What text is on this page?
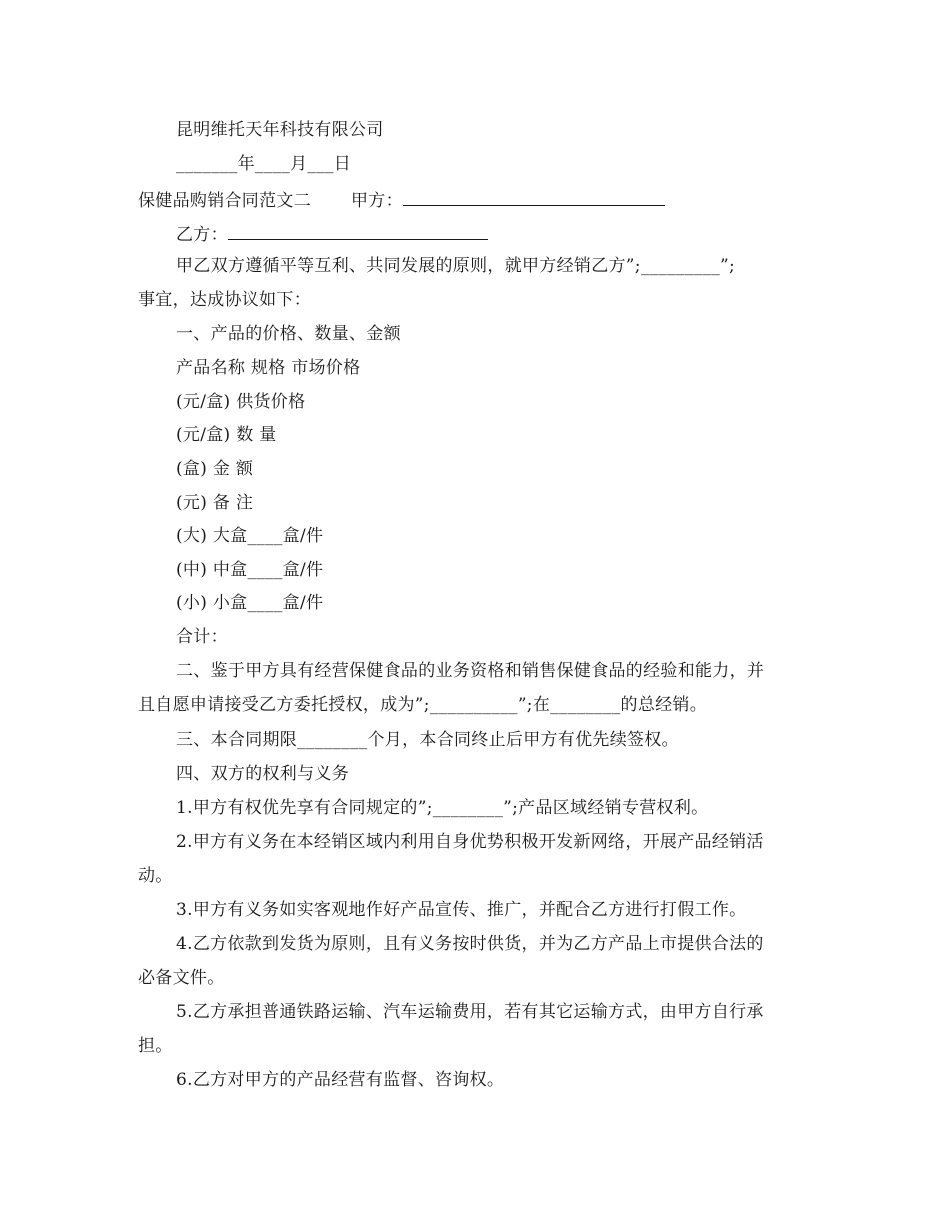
昆明维托天年科技有限公司
_______年____月___日
保健品购销合同范文二 甲方：
乙方：
甲乙双方遵循平等互利、共同发展的原则，就甲方经销乙方”;_________”;
事宜，达成协议如下：
一、产品的价格、数量、金额
产品名称 规格 市场价格
(元/盒) 供货价格
(元/盒) 数 量
(盒) 金 额
(元) 备 注
(大) 大盒____盒/件
(中) 中盒____盒/件
(小) 小盒____盒/件
合计：
二、鉴于甲方具有经营保健食品的业务资格和销售保健食品的经验和能力，并
且自愿申请接受乙方委托授权，成为”;__________”;在________的总经销。
三、本合同期限________个月，本合同终止后甲方有优先续签权。
四、双方的权利与义务
1.甲方有权优先享有合同规定的”;________”;产品区域经销专营权利。
2.甲方有义务在本经销区域内利用自身优势积极开发新网络，开展产品经销活
动。
3.甲方有义务如实客观地作好产品宣传、推广，并配合乙方进行打假工作。
4.乙方依款到发货为原则，且有义务按时供货，并为乙方产品上市提供合法的
必备文件。
5.乙方承担普通铁路运输、汽车运输费用，若有其它运输方式，由甲方自行承
担。
6.乙方对甲方的产品经营有监督、咨询权。
